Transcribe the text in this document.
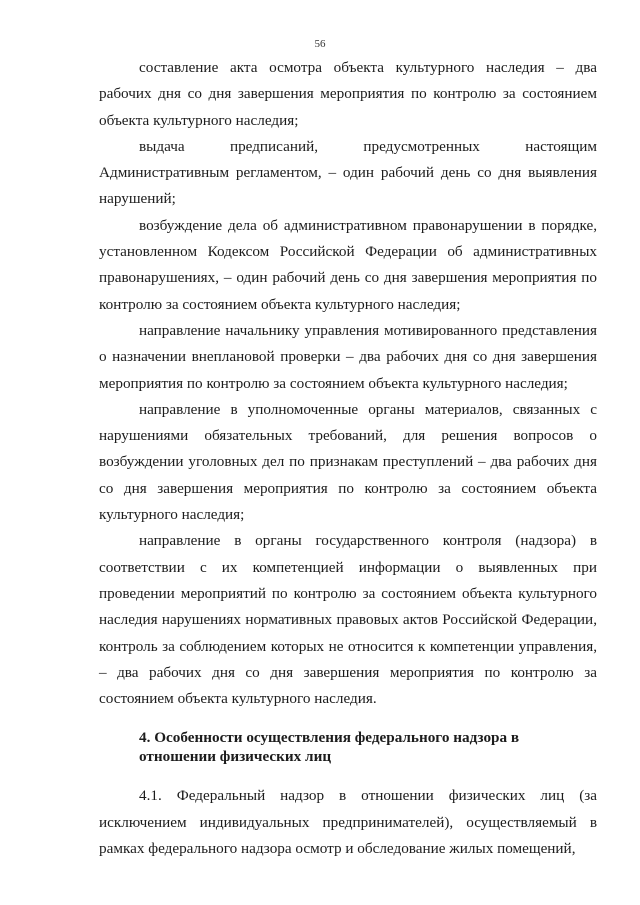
56

составление акта осмотра объекта культурного наследия – два рабочих дня со дня завершения мероприятия по контролю за состоянием объекта культурного наследия;

выдача предписаний, предусмотренных настоящим Административным регламентом, – один рабочий день со дня выявления нарушений;

возбуждение дела об административном правонарушении в порядке, установленном Кодексом Российской Федерации об административных правонарушениях, – один рабочий день со дня завершения мероприятия по контролю за состоянием объекта культурного наследия;

направление начальнику управления мотивированного представления о назначении внеплановой проверки – два рабочих дня со дня завершения мероприятия по контролю за состоянием объекта культурного наследия;

направление в уполномоченные органы материалов, связанных с нарушениями обязательных требований, для решения вопросов о возбуждении уголовных дел по признакам преступлений – два рабочих дня со дня завершения мероприятия по контролю за состоянием объекта культурного наследия;

направление в органы государственного контроля (надзора) в соответствии с их компетенцией информации о выявленных при проведении мероприятий по контролю за состоянием объекта культурного наследия нарушениях нормативных правовых актов Российской Федерации, контроль за соблюдением которых не относится к компетенции управления, – два рабочих дня со дня завершения мероприятия по контролю за состоянием объекта культурного наследия.

4. Особенности осуществления федерального надзора в отношении физических лиц

4.1. Федеральный надзор в отношении физических лиц (за исключением индивидуальных предпринимателей), осуществляемый в рамках федерального надзора осмотр и обследование жилых помещений,
